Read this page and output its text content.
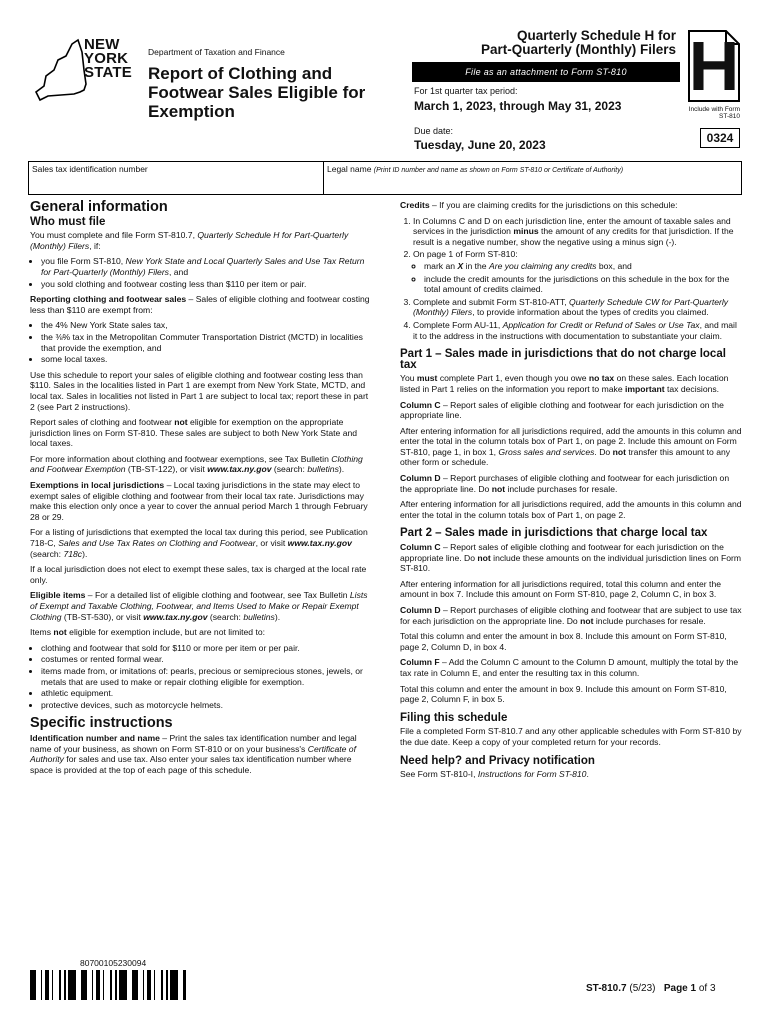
NEW
YORK
STATE
Department of Taxation and Finance
Report of Clothing and Footwear Sales Eligible for Exemption
Quarterly Schedule H for
Part-Quarterly (Monthly) Filers
File as an attachment to Form ST-810 H
Include with Form ST-810
For 1st quarter tax period:
March 1, 2023, through May 31, 2023
Due date:
Tuesday, June 20, 2023	0324
Sales tax identification number	Legal name (Print ID number and name as shown on Form ST-810 or Certificate of Authority)
General information
Who must file

You must complete and file Form ST-810.7, Quarterly Schedule H for Part-Quarterly (Monthly) Filers, if:

• you file Form ST-810, New York State and Local Quarterly Sales and Use Tax Return for Part-Quarterly (Monthly) Filers, and
• you sold clothing and footwear costing less than $110 per item or pair.

Reporting clothing and footwear sales – Sales of eligible clothing and footwear costing less than $110 are exempt from:

• the 4% New York State sales tax,
• the ⅜% tax in the Metropolitan Commuter Transportation District (MCTD) in localities that provide the exemption, and
• some local taxes.

Use this schedule to report your sales of eligible clothing and footwear costing less than $110. Sales in the localities listed in Part 1 are exempt from New York State, MCTD, and local tax. Sales in localities not listed in Part 1 are subject to local tax; report these in part 2 (see Part 2 instructions).

Report sales of clothing and footwear not eligible for exemption on the appropriate jurisdiction lines on Form ST-810. These sales are subject to both New York State and local taxes.

For more information about clothing and footwear exemptions, see Tax Bulletin Clothing and Footwear Exemption (TB-ST-122), or visit www.tax.ny.gov (search: bulletins).

Exemptions in local jurisdictions – Local taxing jurisdictions in the state may elect to exempt sales of eligible clothing and footwear from their local tax rate. Jurisdictions may make this election only once a year to cover the annual period March 1 through February 28 or 29.

For a listing of jurisdictions that exempted the local tax during this period, see Publication 718-C, Sales and Use Tax Rates on Clothing and Footwear, or visit www.tax.ny.gov (search: 718c).

If a local jurisdiction does not elect to exempt these sales, tax is charged at the local rate only.

Eligible items – For a detailed list of eligible clothing and footwear, see Tax Bulletin Lists of Exempt and Taxable Clothing, Footwear, and Items Used to Make or Repair Exempt Clothing (TB-ST-530), or visit www.tax.ny.gov (search: bulletins).

Items not eligible for exemption include, but are not limited to:

• clothing and footwear that sold for $110 or more per item or per pair.
• costumes or rented formal wear.
• items made from, or imitations of: pearls, precious or semiprecious stones, jewels, or metals that are used to make or repair clothing eligible for exemption.
• athletic equipment.
• protective devices, such as motorcycle helmets.
Specific instructions

Identification number and name – Print the sales tax identification number and legal name of your business, as shown on Form ST-810 or on your business's Certificate of Authority for sales and use tax. Also enter your sales tax identification number where space is provided at the top of each page of this schedule.

Credits – If you are claiming credits for the jurisdictions on this schedule:

1. In Columns C and D on each jurisdiction line, enter the amount of taxable sales and services in the jurisdiction minus the amount of any credits for that jurisdiction. If the result is a negative number, show the negative using a minus sign (-).
2. On page 1 of Form ST-810:
◦ mark an X in the Are you claiming any credits box, and
◦ include the credit amounts for the jurisdictions on this schedule in the box for the total amount of credits claimed.
3. Complete and submit Form ST-810-ATT, Quarterly Schedule CW for Part-Quarterly (Monthly) Filers, to provide information about the types of credits you claimed.
4. Complete Form AU-11, Application for Credit or Refund of Sales or Use Tax, and mail it to the address in the instructions with documentation to substantiate your claim.
Part 1 – Sales made in jurisdictions that do not charge local tax

You must complete Part 1, even though you owe no tax on these sales. Each location listed in Part 1 relies on the information you report to make important tax decisions.

Column C – Report sales of eligible clothing and footwear for each jurisdiction on the appropriate line.

After entering information for all jurisdictions required, add the amounts in this column and enter the total in the column totals box of Part 1, on page 2. Include this amount on Form ST-810, page 1, in box 1, Gross sales and services. Do not transfer this amount to any other form or schedule.

Column D – Report purchases of eligible clothing and footwear for each jurisdiction on the appropriate line. Do not include purchases for resale.

After entering information for all jurisdictions required, add the amounts in this column and enter the total in the column totals box of Part 1, on page 2.

Part 2 – Sales made in jurisdictions that charge local tax

Column C – Report sales of eligible clothing and footwear for each jurisdiction on the appropriate line. Do not include these amounts on the individual jurisdiction lines on Form ST-810.

After entering information for all jurisdictions required, total this column and enter the amount in box 7. Include this amount on Form ST-810, page 2, Column C, in box 3.

Column D – Report purchases of eligible clothing and footwear that are subject to use tax for each jurisdiction on the appropriate line. Do not include purchases for resale.

Total this column and enter the amount in box 8. Include this amount on Form ST-810, page 2, Column D, in box 4.

Column F – Add the Column C amount to the Column D amount, multiply the total by the tax rate in Column E, and enter the resulting tax in this column.

Total this column and enter the amount in box 9. Include this amount on Form ST-810, page 2, Column F, in box 5.

Filing this schedule

File a completed Form ST-810.7 and any other applicable schedules with Form ST-810 by the due date. Keep a copy of your completed return for your records.

Need help? and Privacy notification

See Form ST-810-I, Instructions for Form ST-810.

80700105230094
ST-810.7 (5/23) Page 1 of 3
